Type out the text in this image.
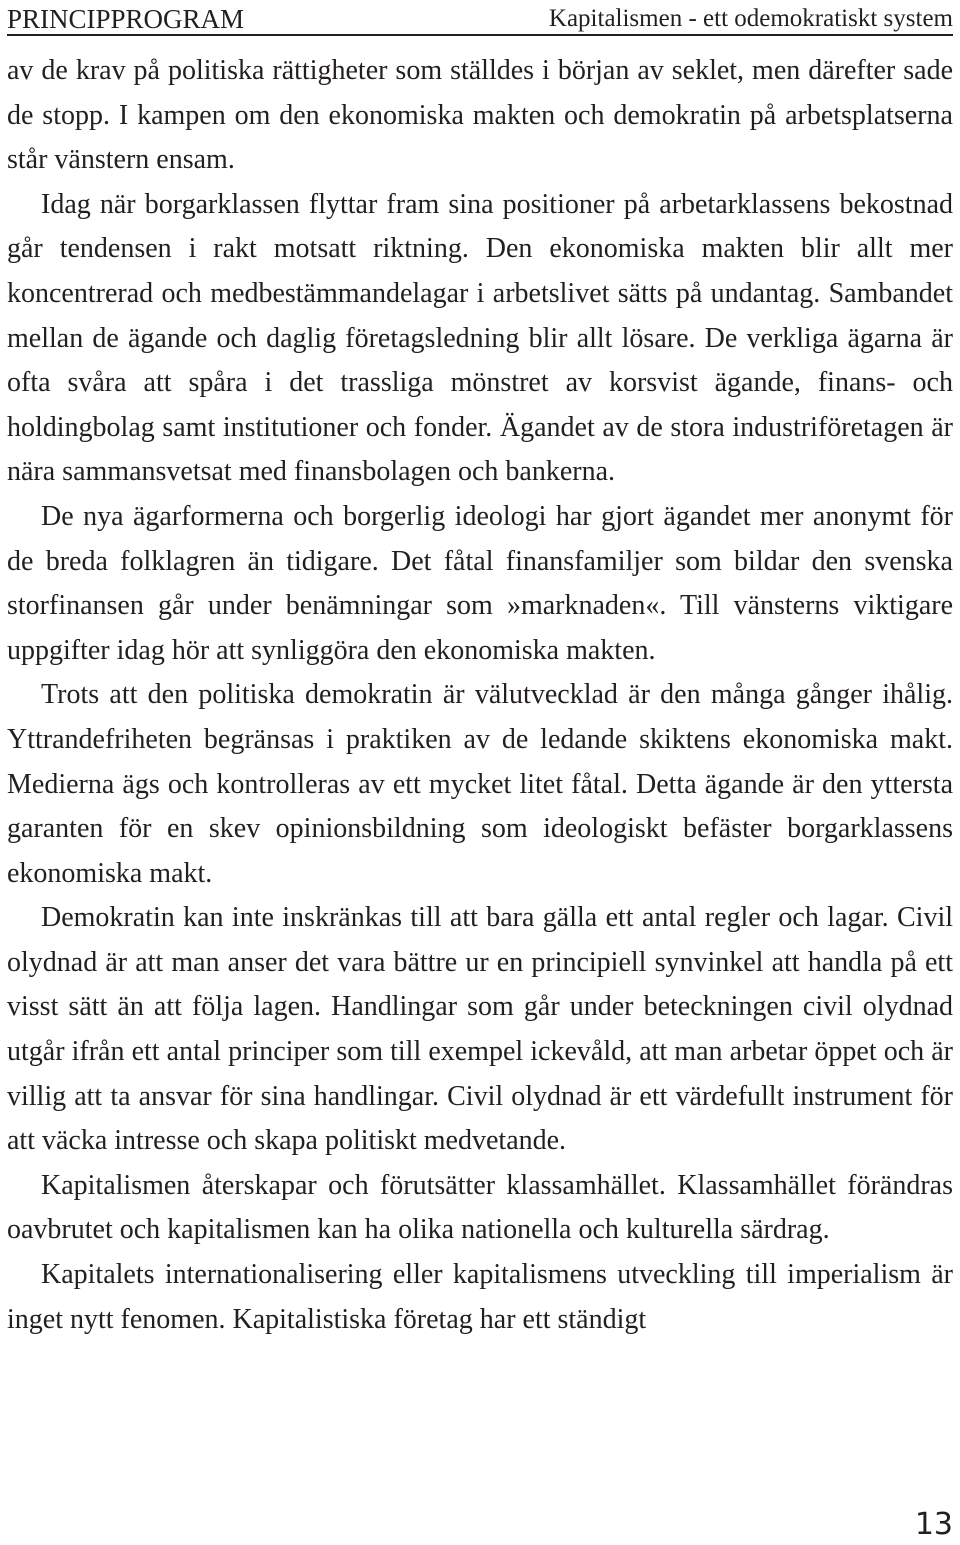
PRINCIPPROGRAM	Kapitalismen - ett odemokratiskt system

av de krav på politiska rättigheter som ställdes i början av seklet, men därefter sade de stopp. I kampen om den ekonomiska makten och demokratin på arbetsplatserna står vänstern ensam.

Idag när borgarklassen flyttar fram sina positioner på arbetarklassens bekostnad går tendensen i rakt motsatt riktning. Den ekonomiska makten blir allt mer koncentrerad och medbestämmandelagar i arbetslivet sätts på undantag. Sambandet mellan de ägande och daglig företagsledning blir allt lösare. De verkliga ägarna är ofta svåra att spåra i det trassliga mönstret av korsvist ägande, finans- och holdingbolag samt institutioner och fonder. Ägandet av de stora industriföretagen är nära sammansvetsat med finansbolagen och bankerna.

De nya ägarformerna och borgerlig ideologi har gjort ägandet mer anonymt för de breda folklagren än tidigare. Det fåtal finansfamiljer som bildar den svenska storfinansen går under benämningar som »marknaden«. Till vänsterns viktigare uppgifter idag hör att synliggöra den ekonomiska makten.

Trots att den politiska demokratin är välutvecklad är den många gånger ihålig. Yttrandefriheten begränsas i praktiken av de ledande skiktens ekonomiska makt. Medierna ägs och kontrolleras av ett mycket litet fåtal. Detta ägande är den yttersta garanten för en skev opinionsbildning som ideologiskt befäster borgarklassens ekonomiska makt.

Demokratin kan inte inskränkas till att bara gälla ett antal regler och lagar. Civil olydnad är att man anser det vara bättre ur en principiell synvinkel att handla på ett visst sätt än att följa lagen. Handlingar som går under beteckningen civil olydnad utgår ifrån ett antal principer som till exempel ickevåld, att man arbetar öppet och är villig att ta ansvar för sina handlingar. Civil olydnad är ett värdefullt instrument för att väcka intresse och skapa politiskt medvetande.

Kapitalismen återskapar och förutsätter klassamhället. Klassamhället förändras oavbrutet och kapitalismen kan ha olika nationella och kulturella särdrag.

Kapitalets internationalisering eller kapitalismens utveckling till imperialism är inget nytt fenomen. Kapitalistiska företag har ett ständigt

13
